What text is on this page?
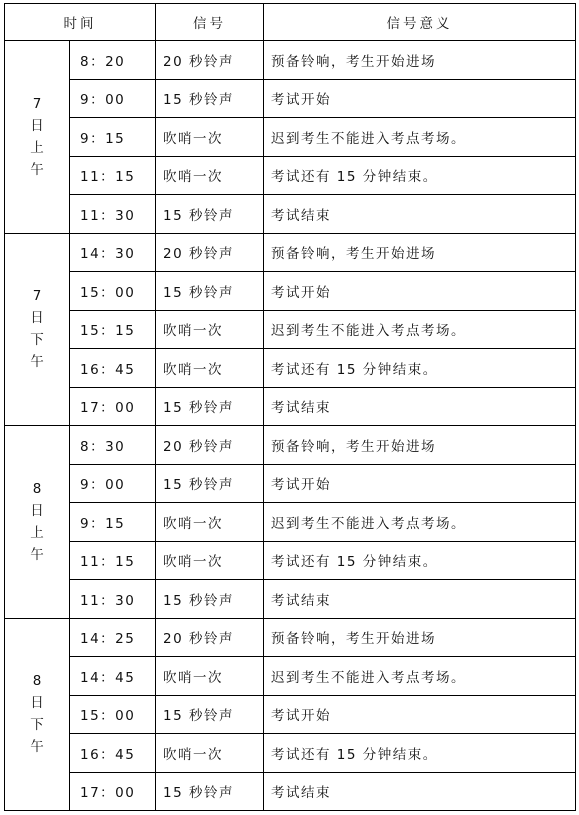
时间		信号	信号意义
7日上午	8：20	20 秒铃声	预备铃响，考生开始进场
	9：00	15 秒铃声	考试开始
	9：15	吹哨一次	迟到考生不能进入考点考场。
	11：15	吹哨一次	考试还有 15 分钟结束。
	11：30	15 秒铃声	考试结束
7日下午	14：30	20 秒铃声	预备铃响，考生开始进场
	15：00	15 秒铃声	考试开始
	15：15	吹哨一次	迟到考生不能进入考点考场。
	16：45	吹哨一次	考试还有 15 分钟结束。
	17：00	15 秒铃声	考试结束
8日上午	8：30	20 秒铃声	预备铃响，考生开始进场
	9：00	15 秒铃声	考试开始
	9：15	吹哨一次	迟到考生不能进入考点考场。
	11：15	吹哨一次	考试还有 15 分钟结束。
	11：30	15 秒铃声	考试结束
8日下午	14：25	20 秒铃声	预备铃响，考生开始进场
	14：45	吹哨一次	迟到考生不能进入考点考场。
	15：00	15 秒铃声	考试开始
	16：45	吹哨一次	考试还有 15 分钟结束。
	17：00	15 秒铃声	考试结束
